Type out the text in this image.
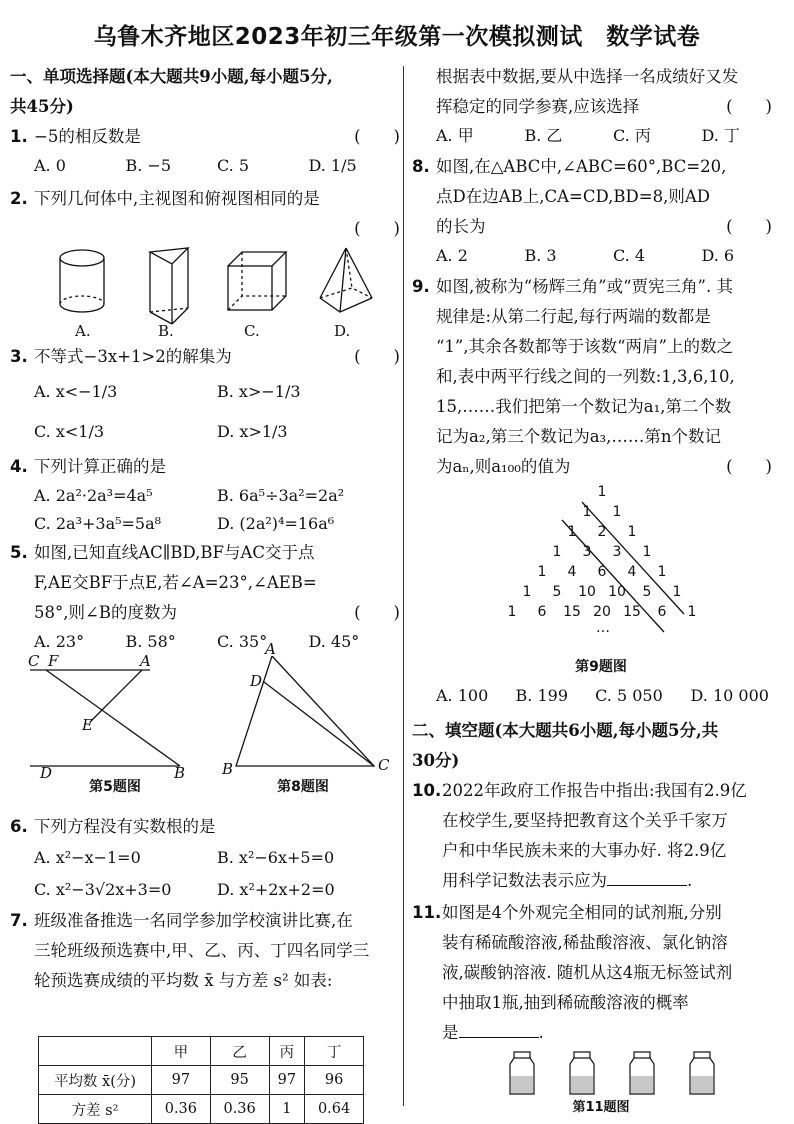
乌鲁木齐地区2023年初三年级第一次模拟测试　数学试卷
一、单项选择题(本大题共9小题,每小题5分,
共45分)
1. −5的相反数是	(　　)
A. 0	B. −5	C. 5	D. 1/5
2. 下列几何体中,主视图和俯视图相同的是
(　　)
A.	B.	C.	D.
3. 不等式−3x+1>2的解集为	(　　)
A. x<−1/3	B. x>−1/3
C. x<1/3	D. x>1/3
4. 下列计算正确的是
A. 2a²·2a³=4a⁵	B. 6a⁵÷3a²=2a²
C. 2a³+3a⁵=5a⁸	D. (2a²)⁴=16a⁶
5. 如图,已知直线AC∥BD,BF与AC交于点
F,AE交BF于点E,若∠A=23°,∠AEB=
58°,则∠B的度数为	(　　)
A. 23°	B. 58°	C. 35°	D. 45°
C F	A
E
D	B
A
D
B	C
第5题图	第8题图
6. 下列方程没有实数根的是
A. x²−x−1=0	B. x²−6x+5=0
C. x²−3√2x+3=0	D. x²+2x+2=0
7. 班级准备推选一名同学参加学校演讲比赛,在
三轮班级预选赛中,甲、乙、丙、丁四名同学三
轮预选赛成绩的平均数 x̄ 与方差 s² 如表:
	甲	乙	丙	丁
平均数 x̄(分)	97	95	97	96
方差 s²	0.36	0.36	1	0.64
根据表中数据,要从中选择一名成绩好又发
挥稳定的同学参赛,应该选择	(　　)
A. 甲	B. 乙	C. 丙	D. 丁
8. 如图,在△ABC中,∠ABC=60°,BC=20,
点D在边AB上,CA=CD,BD=8,则AD
的长为	(　　)
A. 2	B. 3	C. 4	D. 6
9. 如图,被称为“杨辉三角”或“贾宪三角”. 其
规律是:从第二行起,每行两端的数都是
“1”,其余各数都等于该数“两肩”上的数之
和,表中两平行线之间的一列数:1,3,6,10,
15,……我们把第一个数记为a₁,第二个数
记为a₂,第三个数记为a₃,……第n个数记
为aₙ,则a₁₀₀的值为	(　　)
1
1	1
1	2	1
1	3	3	1
1	4	6	4	1
1	5	10 10	5	1
1	6	15 20 15	6	1
…
第9题图
A. 100	B. 199	C. 5 050	D. 10 000
二、填空题(本大题共6小题,每小题5分,共
30分)
10.2022年政府工作报告中指出:我国有2.9亿
在校学生,要坚持把教育这个关乎千家万
户和中华民族未来的大事办好. 将2.9亿
用科学记数法表示应为	.
11.如图是4个外观完全相同的试剂瓶,分别
装有稀硫酸溶液,稀盐酸溶液、氯化钠溶
液,碳酸钠溶液. 随机从这4瓶无标签试剂
中抽取1瓶,抽到稀硫酸溶液的概率
是	.
第11题图
